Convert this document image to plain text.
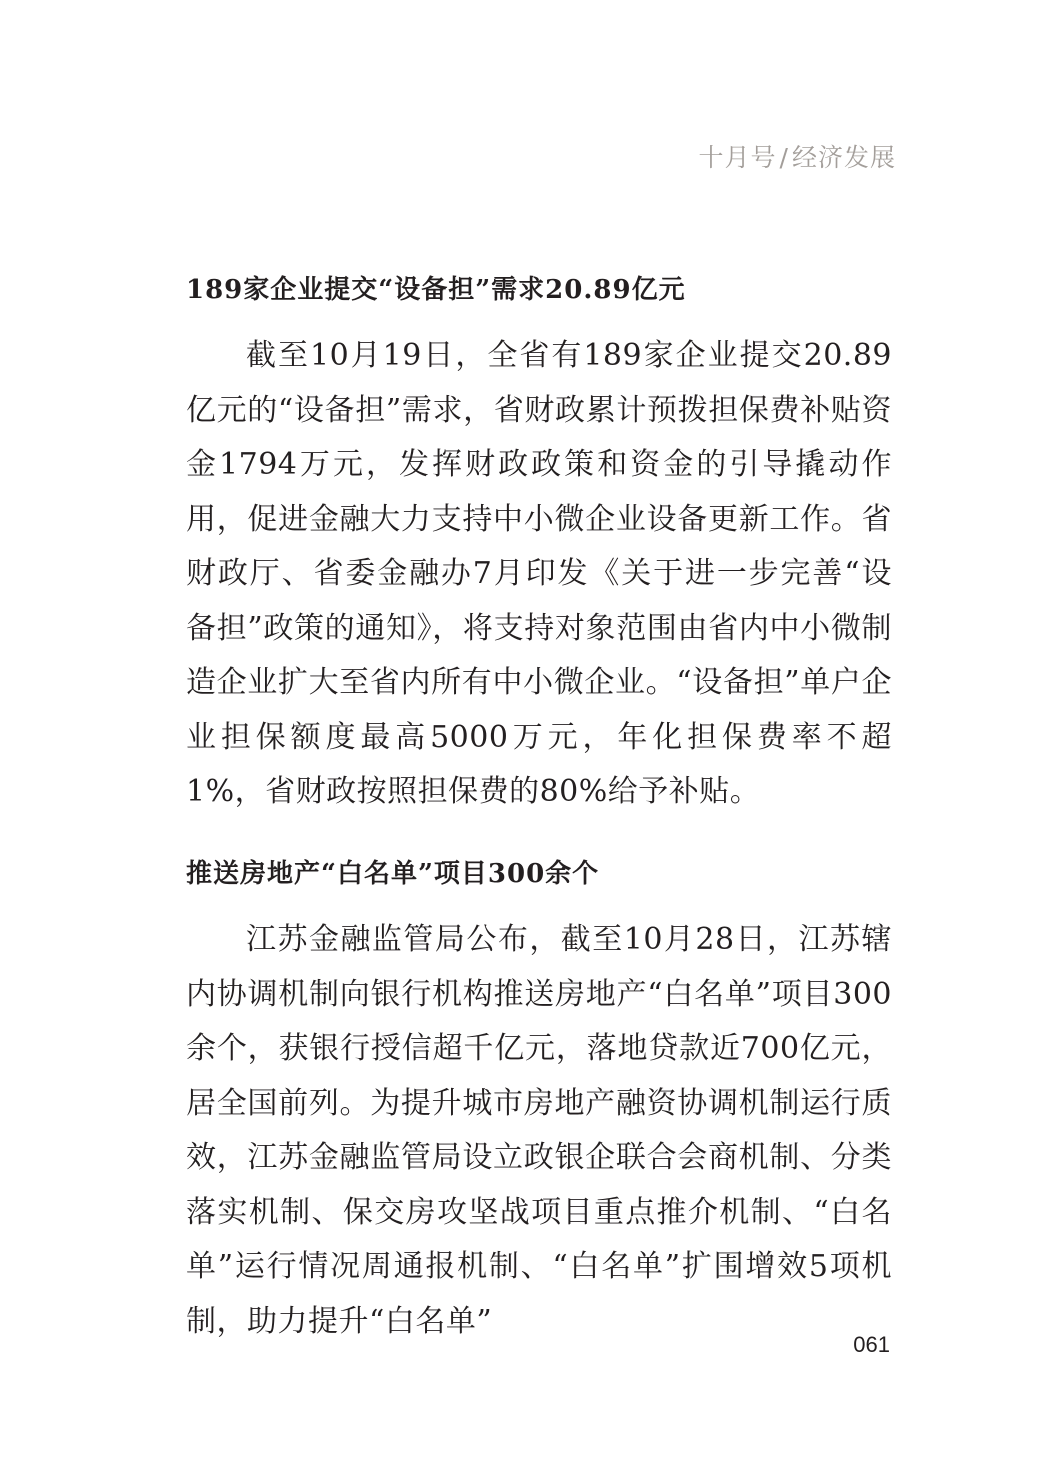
十月号 / 经济发展
189家企业提交“设备担”需求20.89亿元

截至10月19日，全省有189家企业提交20.89亿元的“设备担”需求，省财政累计预拨担保费补贴资金1794万元，发挥财政政策和资金的引导撬动作用，促进金融大力支持中小微企业设备更新工作。省财政厅、省委金融办7月印发《关于进一步完善“设备担”政策的通知》，将支持对象范围由省内中小微制造企业扩大至省内所有中小微企业。“设备担”单户企业担保额度最高5000万元，年化担保费率不超1%，省财政按照担保费的80%给予补贴。

推送房地产“白名单”项目300余个

江苏金融监管局公布，截至10月28日，江苏辖内协调机制向银行机构推送房地产“白名单”项目300余个，获银行授信超千亿元，落地贷款近700亿元，居全国前列。为提升城市房地产融资协调机制运行质效，江苏金融监管局设立政银企联合会商机制、分类落实机制、保交房攻坚战项目重点推介机制、“白名单”运行情况周通报机制、“白名单”扩围增效5项机制，助力提升“白名单”

061
